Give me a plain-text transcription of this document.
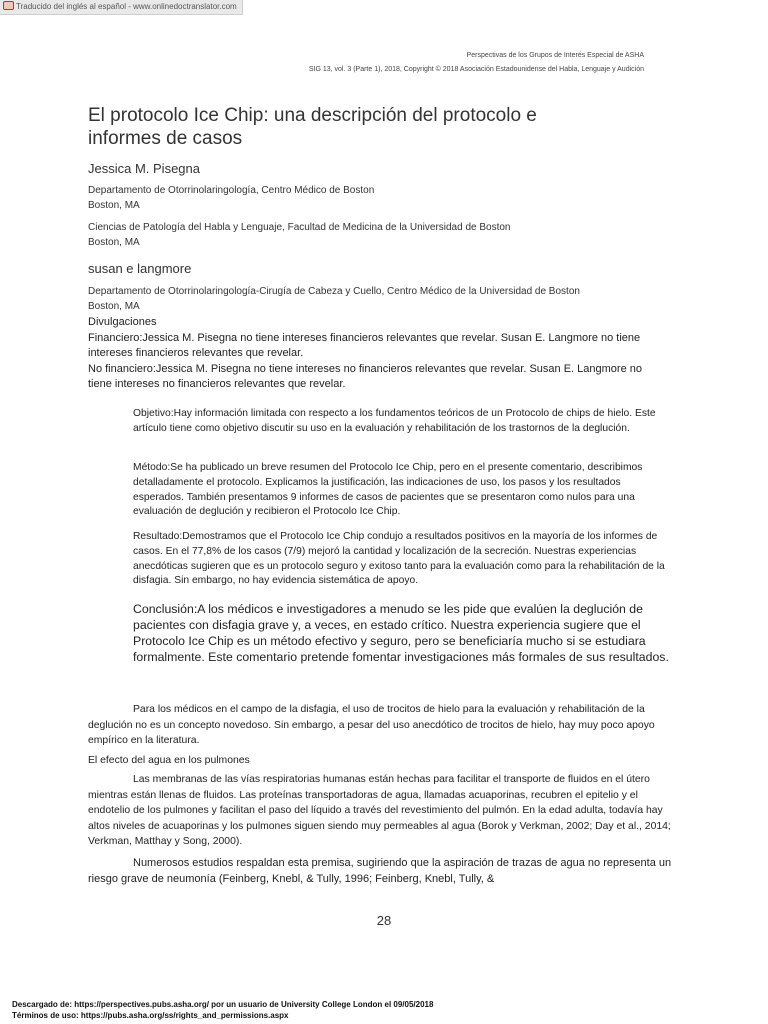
Traducido del inglés al español - www.onlinedoctranslator.com
Perspectivas de los Grupos de Interés Especial de ASHA
SIG 13, vol. 3 (Parte 1), 2018, Copyright © 2018 Asociación Estadounidense del Habla, Lenguaje y Audición
El protocolo Ice Chip: una descripción del protocolo e informes de casos
Jessica M. Pisegna
Departamento de Otorrinolaringología, Centro Médico de Boston
Boston, MA
Ciencias de Patología del Habla y Lenguaje, Facultad de Medicina de la Universidad de Boston
Boston, MA
susan e langmore
Departamento de Otorrinolaringología-Cirugía de Cabeza y Cuello, Centro Médico de la Universidad de Boston
Boston, MA
Divulgaciones
Financiero:Jessica M. Pisegna no tiene intereses financieros relevantes que revelar. Susan E. Langmore no tiene intereses financieros relevantes que revelar.
No financiero:Jessica M. Pisegna no tiene intereses no financieros relevantes que revelar. Susan E. Langmore no tiene intereses no financieros relevantes que revelar.
Objetivo:Hay información limitada con respecto a los fundamentos teóricos de un Protocolo de chips de hielo. Este artículo tiene como objetivo discutir su uso en la evaluación y rehabilitación de los trastornos de la deglución.
Método:Se ha publicado un breve resumen del Protocolo Ice Chip, pero en el presente comentario, describimos detalladamente el protocolo. Explicamos la justificación, las indicaciones de uso, los pasos y los resultados esperados. También presentamos 9 informes de casos de pacientes que se presentaron como nulos para una evaluación de deglución y recibieron el Protocolo Ice Chip.
Resultado:Demostramos que el Protocolo Ice Chip condujo a resultados positivos en la mayoría de los informes de casos. En el 77,8% de los casos (7/9) mejoró la cantidad y localización de la secreción. Nuestras experiencias anecdóticas sugieren que es un protocolo seguro y exitoso tanto para la evaluación como para la rehabilitación de la disfagia. Sin embargo, no hay evidencia sistemática de apoyo.
Conclusión:A los médicos e investigadores a menudo se les pide que evalúen la deglución de pacientes con disfagia grave y, a veces, en estado crítico. Nuestra experiencia sugiere que el Protocolo Ice Chip es un método efectivo y seguro, pero se beneficiaría mucho si se estudiara formalmente. Este comentario pretende fomentar investigaciones más formales de sus resultados.
Para los médicos en el campo de la disfagia, el uso de trocitos de hielo para la evaluación y rehabilitación de la deglución no es un concepto novedoso. Sin embargo, a pesar del uso anecdótico de trocitos de hielo, hay muy poco apoyo empírico en la literatura.
El efecto del agua en los pulmones
Las membranas de las vías respiratorias humanas están hechas para facilitar el transporte de fluidos en el útero mientras están llenas de fluidos. Las proteínas transportadoras de agua, llamadas acuaporinas, recubren el epitelio y el endotelio de los pulmones y facilitan el paso del líquido a través del revestimiento del pulmón. En la edad adulta, todavía hay altos niveles de acuaporinas y los pulmones siguen siendo muy permeables al agua (Borok y Verkman, 2002; Day et al., 2014; Verkman, Matthay y Song, 2000).
Numerosos estudios respaldan esta premisa, sugiriendo que la aspiración de trazas de agua no representa un riesgo grave de neumonía (Feinberg, Knebl, & Tully, 1996; Feinberg, Knebl, Tully, &
28
Descargado de: https://perspectives.pubs.asha.org/ por un usuario de University College London el 09/05/2018
Términos de uso: https://pubs.asha.org/ss/rights_and_permissions.aspx
